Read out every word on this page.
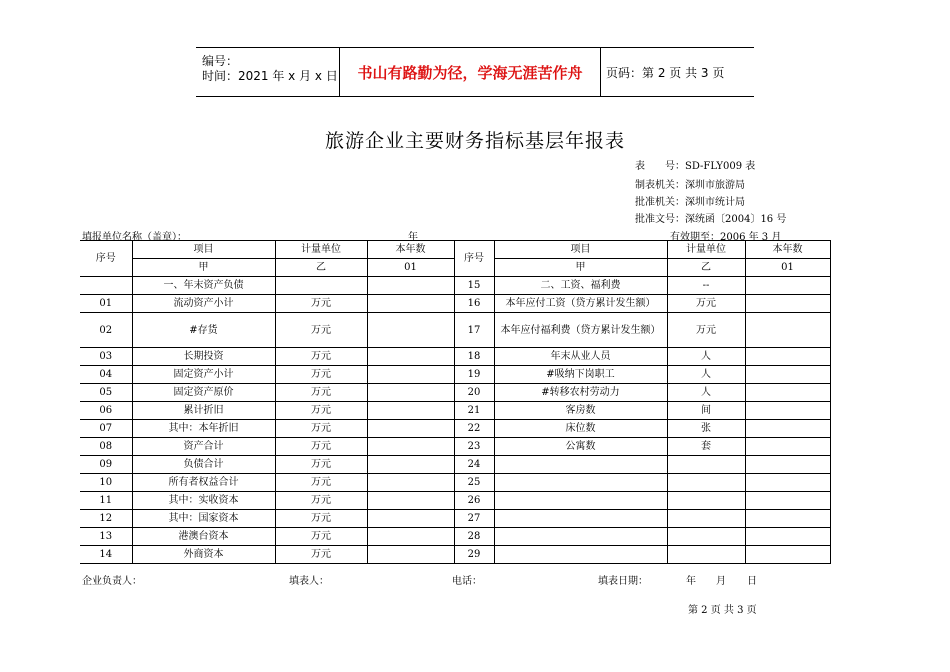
编号：
时间：2021 年 x 月 x 日	书山有路勤为径，学海无涯苦作舟	页码：第 2 页 共 3 页
旅游企业主要财务指标基层年报表
表　　号：SD-FLY009 表
制表机关：深圳市旅游局
批准机关：深圳市统计局
批准文号：深统函〔2004〕16 号
填报单位名称（盖章）：	年	有效期至：2006 年 3 月
序号	项目	计量单位	本年数	序号	项目	计量单位	本年数
	甲	乙	01		甲	乙	01
	一、年末资产负债			15	二、工资、福利费	--	
01	流动资产小计	万元		16	本年应付工资（贷方累计发生额）	万元	
02	#存货	万元		17	本年应付福利费（贷方累计发生额）	万元	
03	长期投资	万元		18	年末从业人员	人	
04	固定资产小计	万元		19	#吸纳下岗职工	人	
05	固定资产原价	万元		20	#转移农村劳动力	人	
06	累计折旧	万元		21	客房数	间	
07	其中：本年折旧	万元		22	床位数	张	
08	资产合计	万元		23	公寓数	套	
09	负债合计	万元		24			
10	所有者权益合计	万元		25			
11	其中：实收资本	万元		26			
12	其中：国家资本	万元		27			
13	港澳台资本	万元		28			
14	外商资本	万元		29			
企业负责人：	填表人：	电话：	填表日期：	年 月 日
第 2 页 共 3 页
